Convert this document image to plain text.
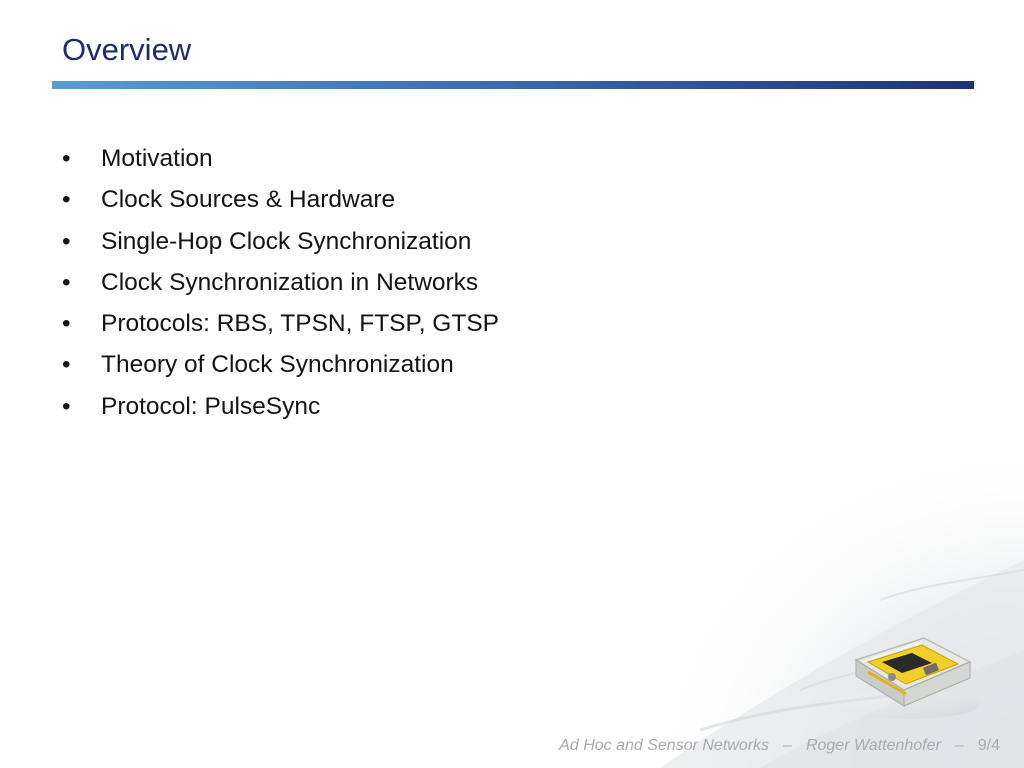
Overview
• Motivation
• Clock Sources & Hardware
• Single-Hop Clock Synchronization
• Clock Synchronization in Networks
• Protocols: RBS, TPSN, FTSP, GTSP
• Theory of Clock Synchronization
• Protocol: PulseSync
Ad Hoc and Sensor Networks – Roger Wattenhofer – 9/4
